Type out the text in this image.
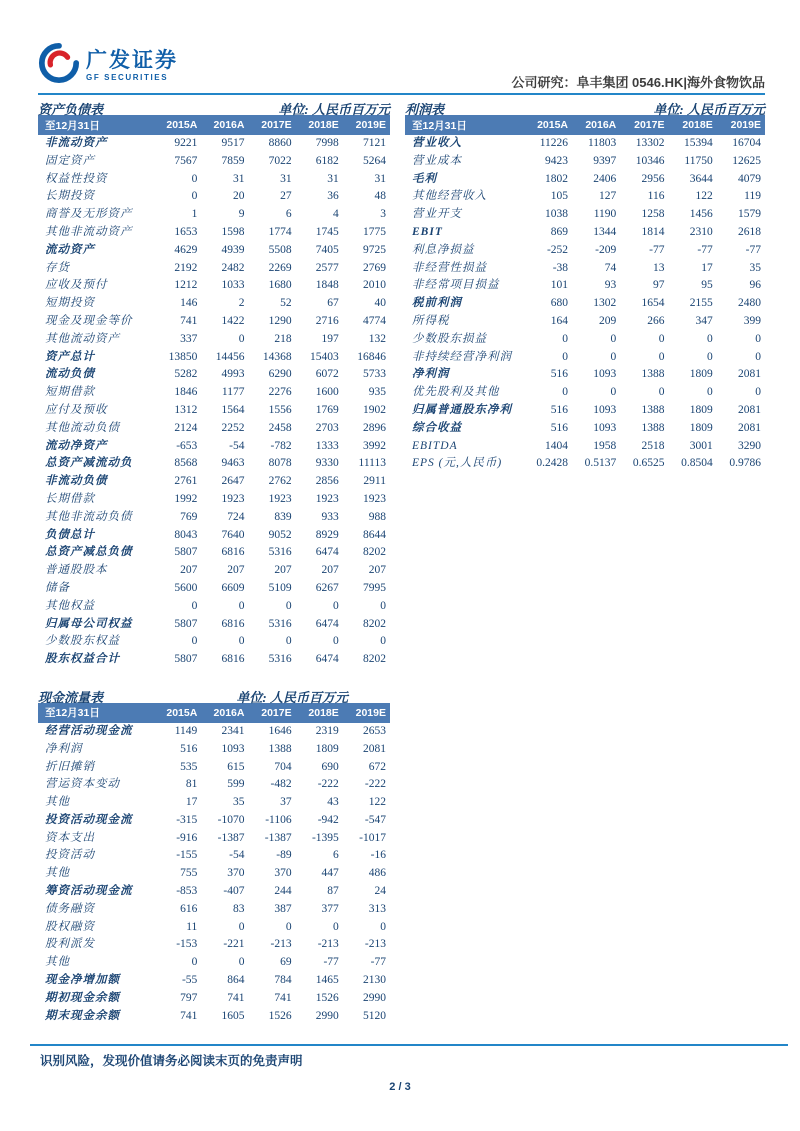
广发证券
GF SECURITIES	公司研究：阜丰集团 0546.HK|海外食物饮品
资产负债表	单位: 人民币百万元
至12月31日	2015A	2016A	2017E	2018E	2019E
非流动资产	9221	9517	8860	7998	7121
固定资产	7567	7859	7022	6182	5264
权益性投资	0	31	31	31	31
长期投资	0	20	27	36	48
商誉及无形资产	1	9	6	4	3
其他非流动资产	1653	1598	1774	1745	1775
流动资产	4629	4939	5508	7405	9725
存货	2192	2482	2269	2577	2769
应收及预付	1212	1033	1680	1848	2010
短期投资	146	2	52	67	40
现金及现金等价	741	1422	1290	2716	4774
其他流动资产	337	0	218	197	132
资产总计	13850	14456	14368	15403	16846
流动负债	5282	4993	6290	6072	5733
短期借款	1846	1177	2276	1600	935
应付及预收	1312	1564	1556	1769	1902
其他流动负债	2124	2252	2458	2703	2896
流动净资产	-653	-54	-782	1333	3992
总资产减流动负	8568	9463	8078	9330	11113
非流动负债	2761	2647	2762	2856	2911
长期借款	1992	1923	1923	1923	1923
其他非流动负债	769	724	839	933	988
负债总计	8043	7640	9052	8929	8644
总资产减总负债	5807	6816	5316	6474	8202
普通股股本	207	207	207	207	207
储备	5600	6609	5109	6267	7995
其他权益	0	0	0	0	0
归属母公司权益	5807	6816	5316	6474	8202
少数股东权益	0	0	0	0	0
股东权益合计	5807	6816	5316	6474	8202
现金流量表	单位: 人民币百万元
至12月31日	2015A	2016A	2017E	2018E	2019E
经营活动现金流	1149	2341	1646	2319	2653
净利润	516	1093	1388	1809	2081
折旧摊销	535	615	704	690	672
营运资本变动	81	599	-482	-222	-222
其他	17	35	37	43	122
投资活动现金流	-315	-1070	-1106	-942	-547
资本支出	-916	-1387	-1387	-1395	-1017
投资活动	-155	-54	-89	6	-16
其他	755	370	370	447	486
筹资活动现金流	-853	-407	244	87	24
债务融资	616	83	387	377	313
股权融资	11	0	0	0	0
股利派发	-153	-221	-213	-213	-213
其他	0	0	69	-77	-77
现金净增加额	-55	864	784	1465	2130
期初现金余额	797	741	741	1526	2990
期末现金余额	741	1605	1526	2990	5120
利润表	单位: 人民币百万元
至12月31日	2015A	2016A	2017E	2018E	2019E
营业收入	11226	11803	13302	15394	16704
营业成本	9423	9397	10346	11750	12625
毛利	1802	2406	2956	3644	4079
其他经营收入	105	127	116	122	119
营业开支	1038	1190	1258	1456	1579
EBIT	869	1344	1814	2310	2618
利息净损益	-252	-209	-77	-77	-77
非经营性损益	-38	74	13	17	35
非经常项目损益	101	93	97	95	96
税前利润	680	1302	1654	2155	2480
所得税	164	209	266	347	399
少数股东损益	0	0	0	0	0
非持续经营净利润	0	0	0	0	0
净利润	516	1093	1388	1809	2081
优先股利及其他	0	0	0	0	0
归属普通股东净利	516	1093	1388	1809	2081
综合收益	516	1093	1388	1809	2081
EBITDA	1404	1958	2518	3001	3290
EPS (元,人民币)	0.2428	0.5137	0.6525	0.8504	0.9786
识别风险，发现价值请务必阅读末页的免责声明
2 / 3
